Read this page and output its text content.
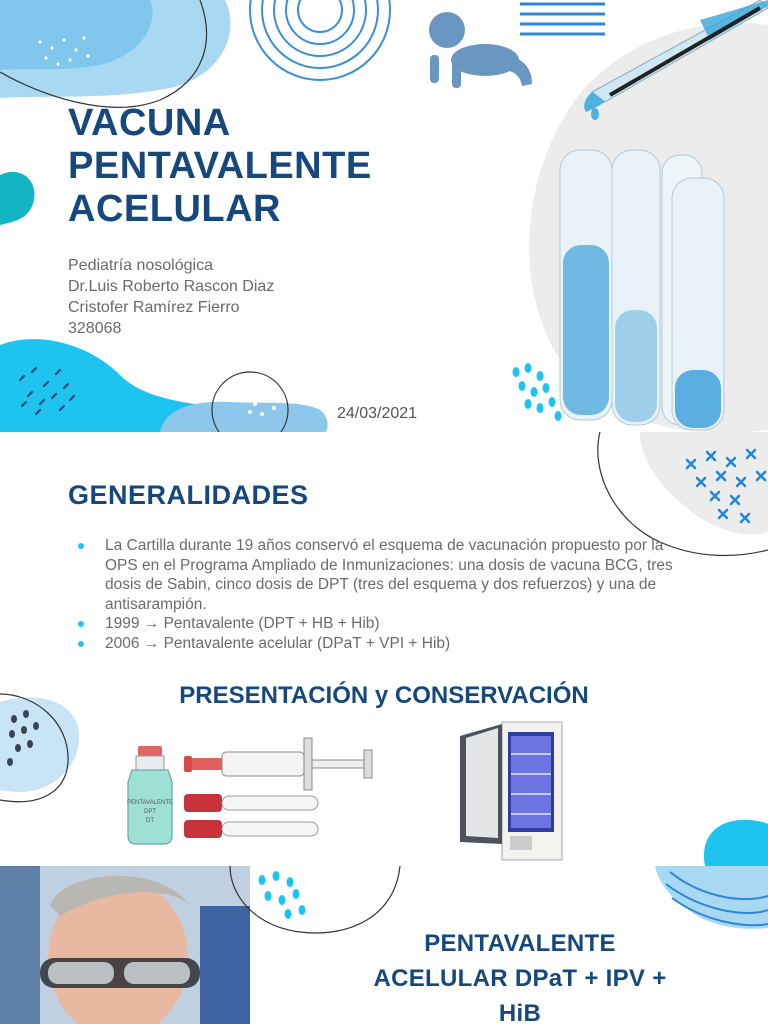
VACUNA
PENTAVALENTE
ACELULAR
Pediatría nosológica
Dr.Luis Roberto Rascon Diaz
Cristofer Ramírez Fierro
328068
24/03/2021
PENTAVALENTE
DPT
DT
GENERALIDADES
La Cartilla durante 19 años conservó el esquema de vacunación propuesto por la OPS en el Programa Ampliado de Inmunizaciones: una dosis de vacuna BCG, tres dosis de Sabin, cinco dosis de DPT (tres del esquema y dos refuerzos) y una de antisarampión.
1999 → Pentavalente (DPT + HB + Hib)
2006 → Pentavalente acelular (DPaT + VPI + Hib)
PRESENTACIÓN y CONSERVACIÓN
PENTAVALENTE
ACELULAR DPaT + IPV +
HiB
